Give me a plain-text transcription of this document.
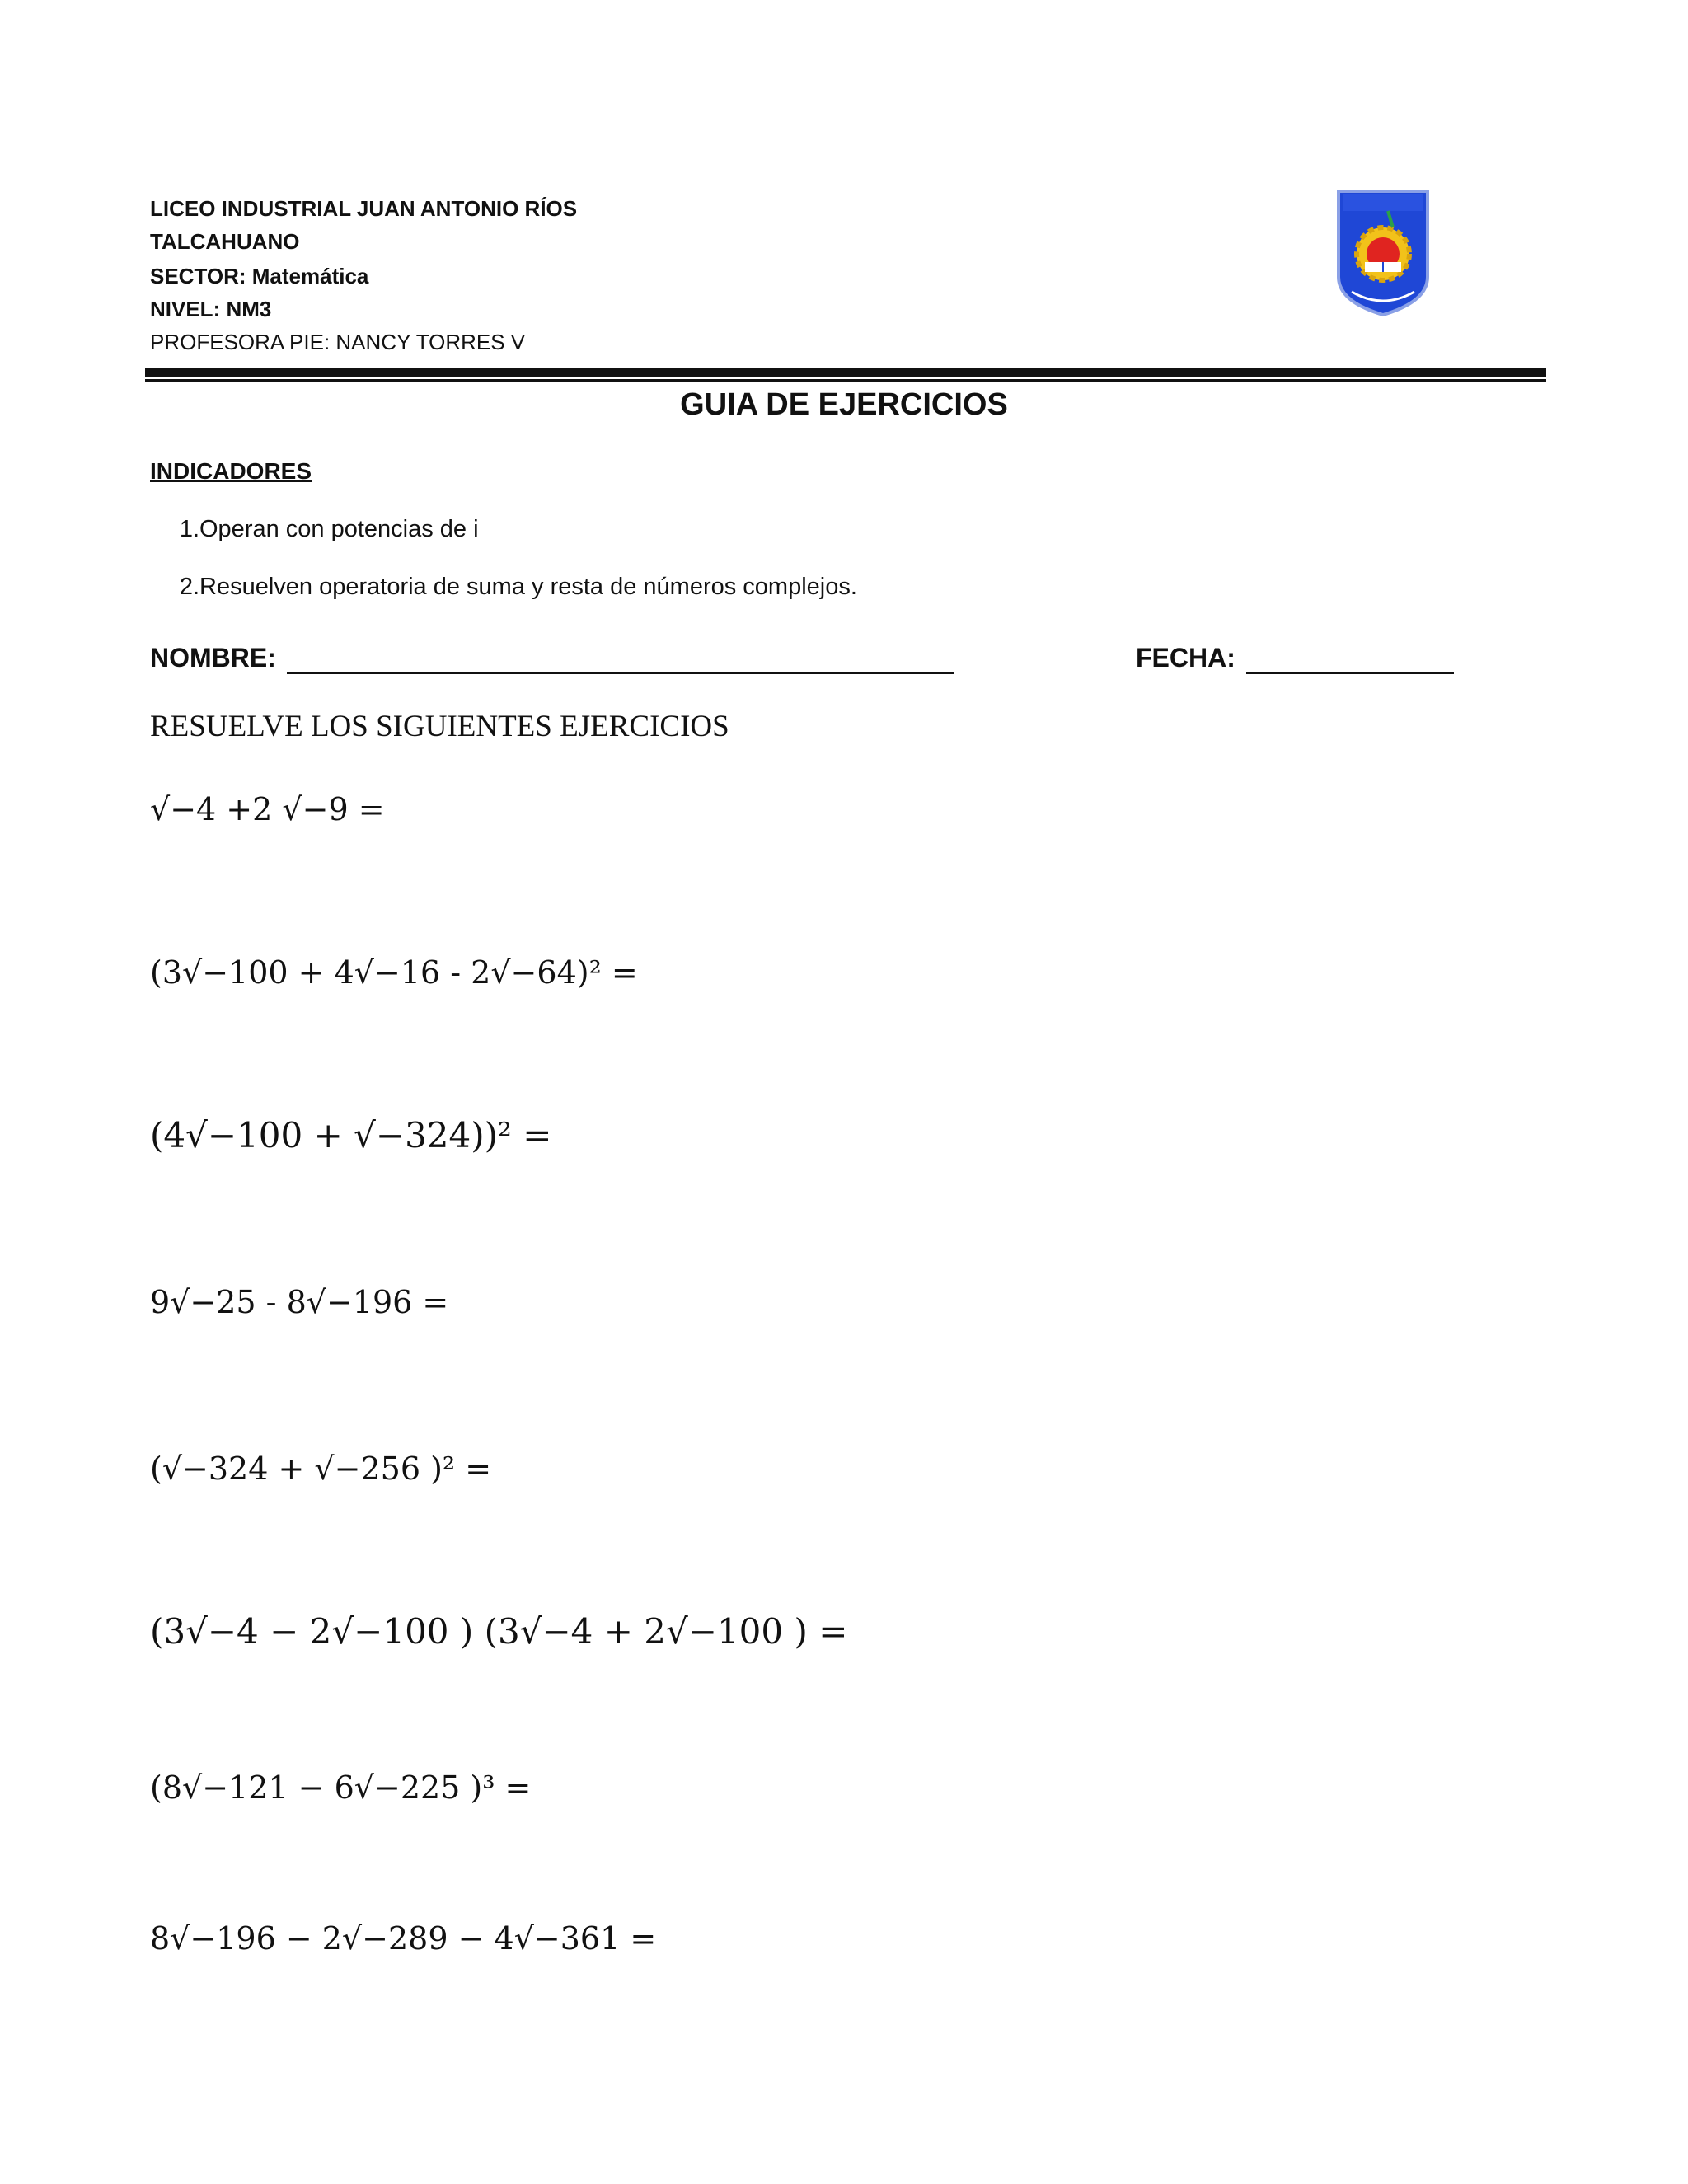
LICEO INDUSTRIAL JUAN ANTONIO RÍOS
TALCAHUANO
SECTOR: Matemática
NIVEL: NM3
PROFESORA PIE: NANCY TORRES V
GUIA DE EJERCICIOS
INDICADORES
1. Operan con potencias de i
2. Resuelven operatoria de suma y resta de números complejos.
NOMBRE:	FECHA:
RESUELVE LOS SIGUIENTES EJERCICIOS
√−4 +2 √−9 =
(3√−100 + 4√−16 - 2√−64)² =
(4√−100 + √−324))² =
9√−25 - 8√−196 =
(√−324 + √−256 )² =
(3√−4 − 2√−100 ) (3√−4 + 2√−100 ) =
(8√−121 − 6√−225 )³ =
8√−196 − 2√−289 − 4√−361 =
